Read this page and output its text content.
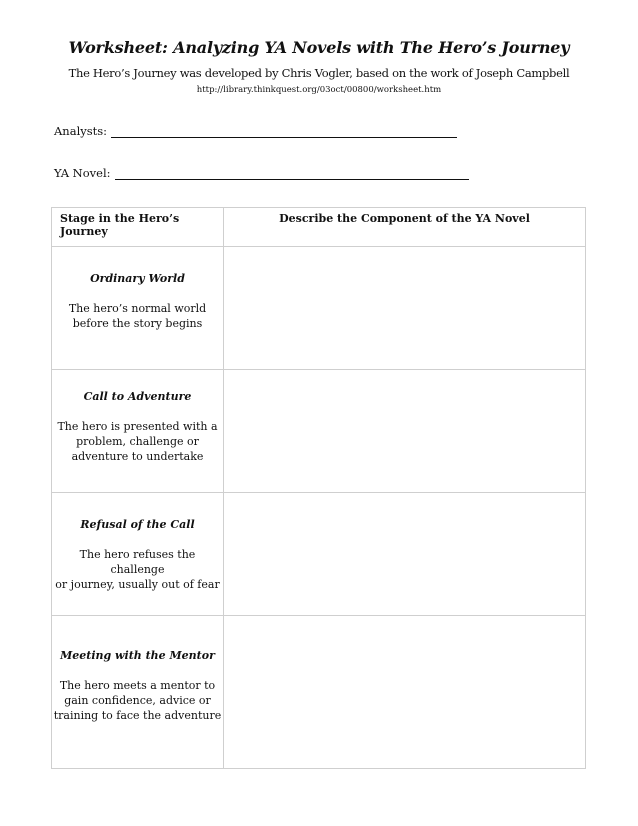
Worksheet: Analyzing YA Novels with The Hero’s Journey
The Hero’s Journey was developed by Chris Vogler, based on the work of Joseph Campbell
http://library.thinkquest.org/03oct/00800/worksheet.htm
Analysts:
YA Novel:
Stage in the Hero’s Journey	Describe the Component of the YA Novel

Ordinary World
The hero’s normal world
before the story begins	

Call to Adventure
The hero is presented with a
problem, challenge or
adventure to undertake	

Refusal of the Call
The hero refuses the challenge
or journey, usually out of fear	

Meeting with the Mentor
The hero meets a mentor to
gain confidence, advice or
training to face the adventure	
